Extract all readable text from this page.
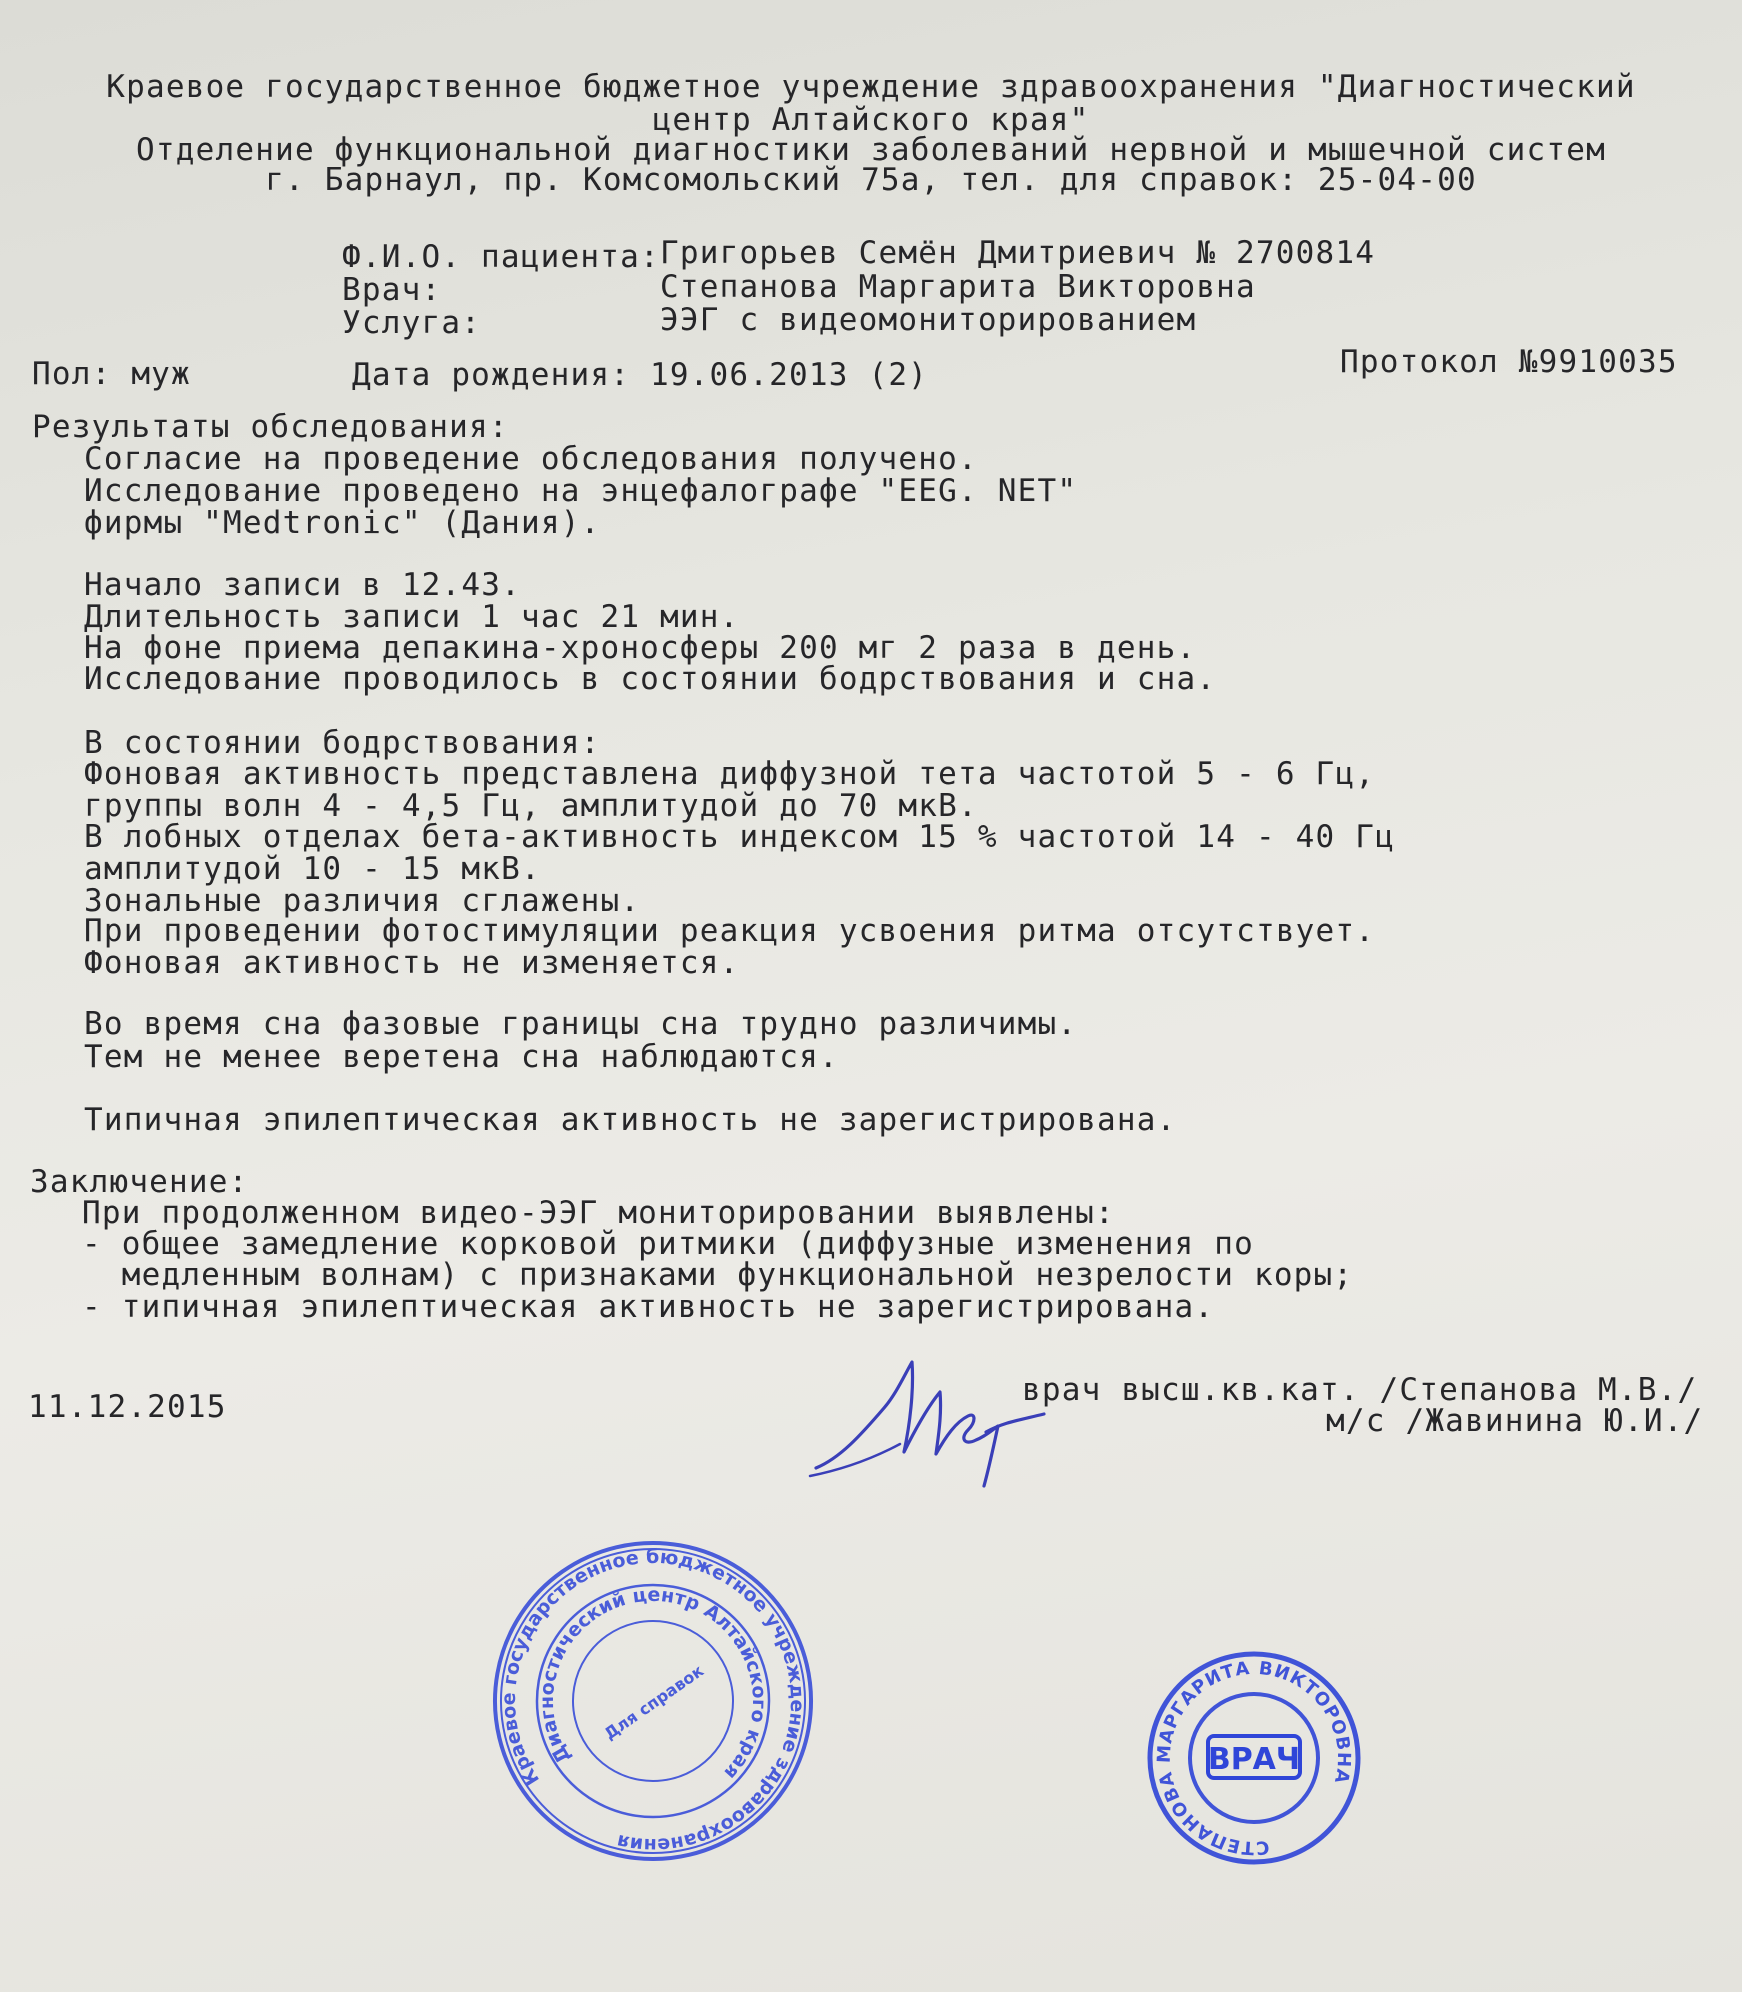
Краевое государственное бюджетное учреждение здравоохранения "Диагностический
центр Алтайского края"
Отделение функциональной диагностики заболеваний нервной и мышечной систем
г. Барнаул, пр. Комсомольский 75а, тел. для справок: 25-04-00
Ф.И.О. пациента: Григорьев Семён Дмитриевич № 2700814
Врач:	Степанова Маргарита Викторовна
Услуга:	ЭЭГ с видеомониторированием
Пол: муж	Дата рождения: 19.06.2013 (2)	Протокол №9910035
Результаты обследования:
Согласие на проведение обследования получено.
Исследование проведено на энцефалографе "EEG. NET"
фирмы "Medtronic" (Дания).
Начало записи в 12.43.
Длительность записи 1 час 21 мин.
На фоне приема депакина-хроносферы 200 мг 2 раза в день.
Исследование проводилось в состоянии бодрствования и сна.
В состоянии бодрствования:
Фоновая активность представлена диффузной тета частотой 5 - 6 Гц,
группы волн 4 - 4,5 Гц, амплитудой до 70 мкВ.
В лобных отделах бета-активность индексом 15 % частотой 14 - 40 Гц
амплитудой 10 - 15 мкВ.
Зональные различия сглажены.
При проведении фотостимуляции реакция усвоения ритма отсутствует.
Фоновая активность не изменяется.
Во время сна фазовые границы сна трудно различимы.
Тем не менее веретена сна наблюдаются.
Типичная эпилептическая активность не зарегистрирована.
Заключение:
При продолженном видео-ЭЭГ мониторировании выявлены:
- общее замедление корковой ритмики (диффузные изменения по
медленным волнам) с признаками функциональной незрелости коры;
- типичная эпилептическая активность не зарегистрирована.
11.12.2015	врач высш.кв.кат. /Степанова М.В./
м/с /Жавинина Ю.И./
Краевое государственное бюджетное учреждение здравоохранения
Диагностический центр Алтайского края
Для справок
СТЕПАНОВА МАРГАРИТА ВИКТОРОВНА
ВРАЧ
